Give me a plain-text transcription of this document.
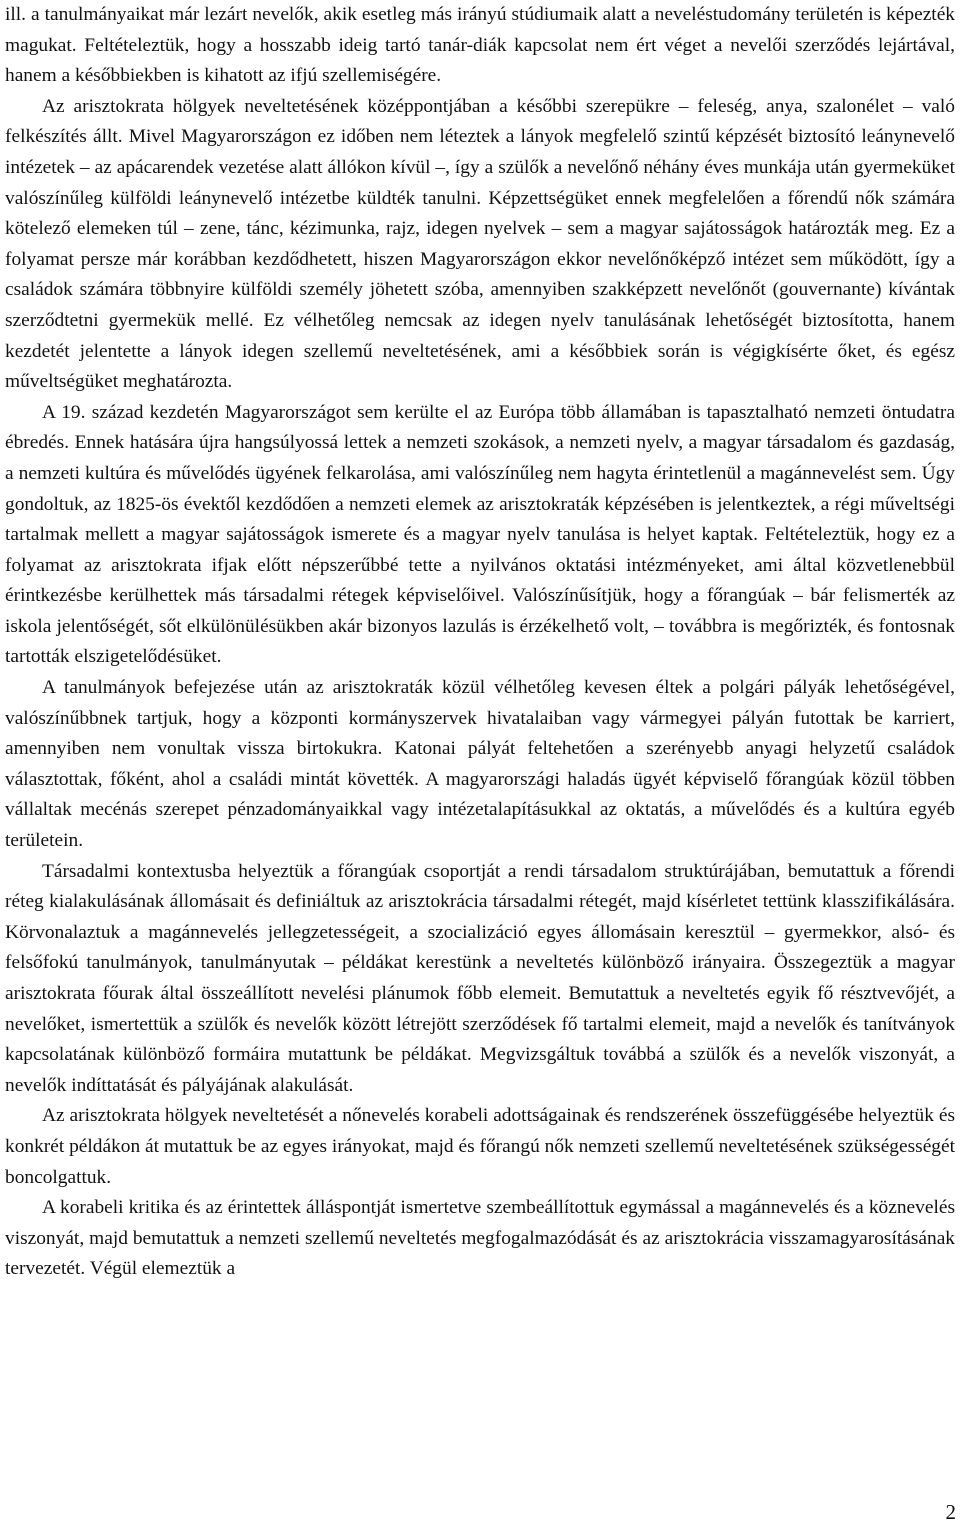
ill. a tanulmányaikat már lezárt nevelők, akik esetleg más irányú stúdiumaik alatt a neveléstudomány területén is képezték magukat. Feltételeztük, hogy a hosszabb ideig tartó tanár-diák kapcsolat nem ért véget a nevelői szerződés lejártával, hanem a későbbiekben is kihatott az ifjú szellemiségére.

Az arisztokrata hölgyek neveltetésének középpontjában a későbbi szerepükre – feleség, anya, szalonélet – való felkészítés állt. Mivel Magyarországon ez időben nem léteztek a lányok megfelelő szintű képzését biztosító leánynevelő intézetek – az apácarendek vezetése alatt állókon kívül –, így a szülők a nevelőnő néhány éves munkája után gyermeküket valószínűleg külföldi leánynevelő intézetbe küldték tanulni. Képzettségüket ennek megfelelően a főrendű nők számára kötelező elemeken túl – zene, tánc, kézimunka, rajz, idegen nyelvek – sem a magyar sajátosságok határozták meg. Ez a folyamat persze már korábban kezdődhetett, hiszen Magyarországon ekkor nevelőnőképző intézet sem működött, így a családok számára többnyire külföldi személy jöhetett szóba, amennyiben szakképzett nevelőnőt (gouvernante) kívántak szerződtetni gyermekük mellé. Ez vélhetőleg nemcsak az idegen nyelv tanulásának lehetőségét biztosította, hanem kezdetét jelentette a lányok idegen szellemű neveltetésének, ami a későbbiek során is végigkísérte őket, és egész műveltségüket meghatározta.

A 19. század kezdetén Magyarországot sem kerülte el az Európa több államában is tapasztalható nemzeti öntudatra ébredés. Ennek hatására újra hangsúlyossá lettek a nemzeti szokások, a nemzeti nyelv, a magyar társadalom és gazdaság, a nemzeti kultúra és művelődés ügyének felkarolása, ami valószínűleg nem hagyta érintetlenül a magánnevelést sem. Úgy gondoltuk, az 1825-ös évektől kezdődően a nemzeti elemek az arisztokraták képzésében is jelentkeztek, a régi műveltségi tartalmak mellett a magyar sajátosságok ismerete és a magyar nyelv tanulása is helyet kaptak. Feltételeztük, hogy ez a folyamat az arisztokrata ifjak előtt népszerűbbé tette a nyilvános oktatási intézményeket, ami által közvetlenebbül érintkezésbe kerülhettek más társadalmi rétegek képviselőivel. Valószínűsítjük, hogy a főrangúak – bár felismerték az iskola jelentőségét, sőt elkülönülésükben akár bizonyos lazulás is érzékelhető volt, – továbbra is megőrizték, és fontosnak tartották elszigetelődésüket.

A tanulmányok befejezése után az arisztokraták közül vélhetőleg kevesen éltek a polgári pályák lehetőségével, valószínűbbnek tartjuk, hogy a központi kormányszervek hivatalaiban vagy vármegyei pályán futottak be karriert, amennyiben nem vonultak vissza birtokukra. Katonai pályát feltehetően a szerényebb anyagi helyzetű családok választottak, főként, ahol a családi mintát követték. A magyarországi haladás ügyét képviselő főrangúak közül többen vállaltak mecénás szerepet pénzadományaikkal vagy intézetalapításukkal az oktatás, a művelődés és a kultúra egyéb területein.

Társadalmi kontextusba helyeztük a főrangúak csoportját a rendi társadalom struktúrájában, bemutattuk a főrendi réteg kialakulásának állomásait és definiáltuk az arisztokrácia társadalmi rétegét, majd kísérletet tettünk klasszifikálására. Körvonalaztuk a magánnevelés jellegzetességeit, a szocializáció egyes állomásain keresztül – gyermekkor, alsó- és felsőfokú tanulmányok, tanulmányutak – példákat kerestünk a neveltetés különböző irányaira. Összegeztük a magyar arisztokrata főurak által összeállított nevelési plánumok főbb elemeit. Bemutattuk a neveltetés egyik fő résztvevőjét, a nevelőket, ismertettük a szülők és nevelők között létrejött szerződések fő tartalmi elemeit, majd a nevelők és tanítványok kapcsolatának különböző formáira mutattunk be példákat. Megvizsgáltuk továbbá a szülők és a nevelők viszonyát, a nevelők indíttatását és pályájának alakulását.

Az arisztokrata hölgyek neveltetését a nőnevelés korabeli adottságainak és rendszerének összefüggésébe helyeztük és konkrét példákon át mutattuk be az egyes irányokat, majd és főrangú nők nemzeti szellemű neveltetésének szükségességét boncolgattuk.

A korabeli kritika és az érintettek álláspontját ismertetve szembeállítottuk egymással a magánnevelés és a köznevelés viszonyát, majd bemutattuk a nemzeti szellemű neveltetés megfogalmazódását és az arisztokrácia visszamagyarosításának tervezetét. Végül elemeztük a

2
